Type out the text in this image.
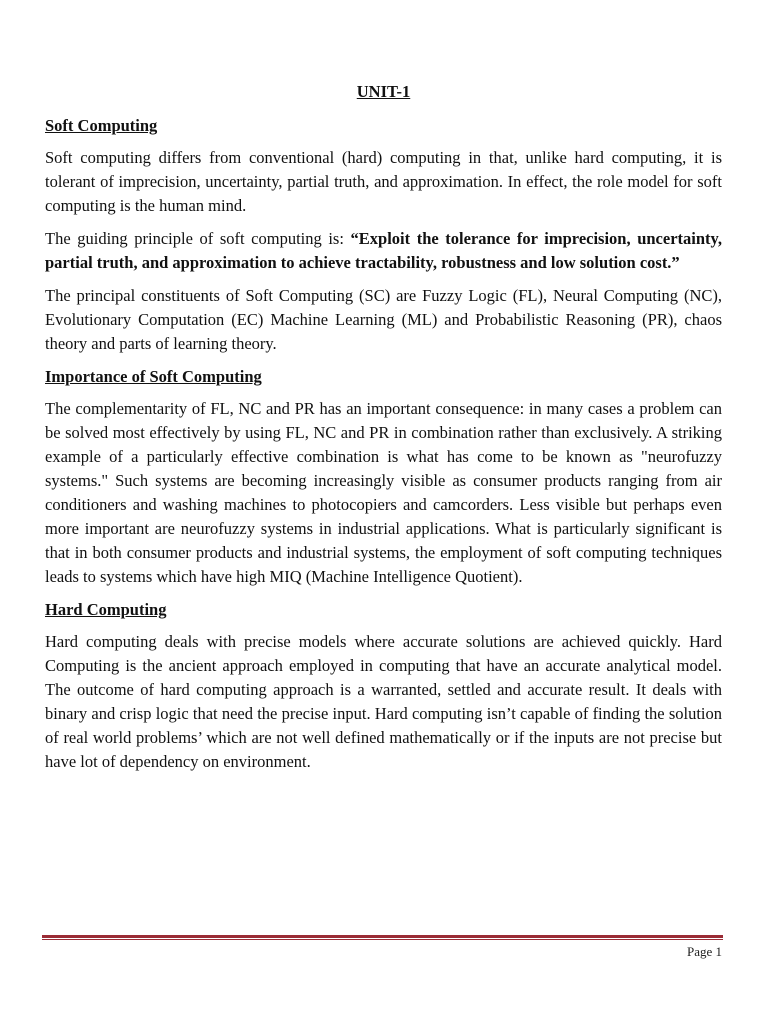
UNIT-1
Soft Computing

Soft computing differs from conventional (hard) computing in that, unlike hard computing, it is tolerant of imprecision, uncertainty, partial truth, and approximation. In effect, the role model for soft computing is the human mind.

The guiding principle of soft computing is: “Exploit the tolerance for imprecision, uncertainty, partial truth, and approximation to achieve tractability, robustness and low solution cost.”

The principal constituents of Soft Computing (SC) are Fuzzy Logic (FL), Neural Computing (NC), Evolutionary Computation (EC) Machine Learning (ML) and Probabilistic Reasoning (PR), chaos theory and parts of learning theory.

Importance of Soft Computing

The complementarity of FL, NC and PR has an important consequence: in many cases a problem can be solved most effectively by using FL, NC and PR in combination rather than exclusively. A striking example of a particularly effective combination is what has come to be known as "neurofuzzy systems." Such systems are becoming increasingly visible as consumer products ranging from air conditioners and washing machines to photocopiers and camcorders. Less visible but perhaps even more important are neurofuzzy systems in industrial applications. What is particularly significant is that in both consumer products and industrial systems, the employment of soft computing techniques leads to systems which have high MIQ (Machine Intelligence Quotient).

Hard Computing

Hard computing deals with precise models where accurate solutions are achieved quickly. Hard Computing is the ancient approach employed in computing that have an accurate analytical model. The outcome of hard computing approach is a warranted, settled and accurate result. It deals with binary and crisp logic that need the precise input. Hard computing isn’t capable of finding the solution of real world problems’ which are not well defined mathematically or if the inputs are not precise but have lot of dependency on environment.

Page 1
